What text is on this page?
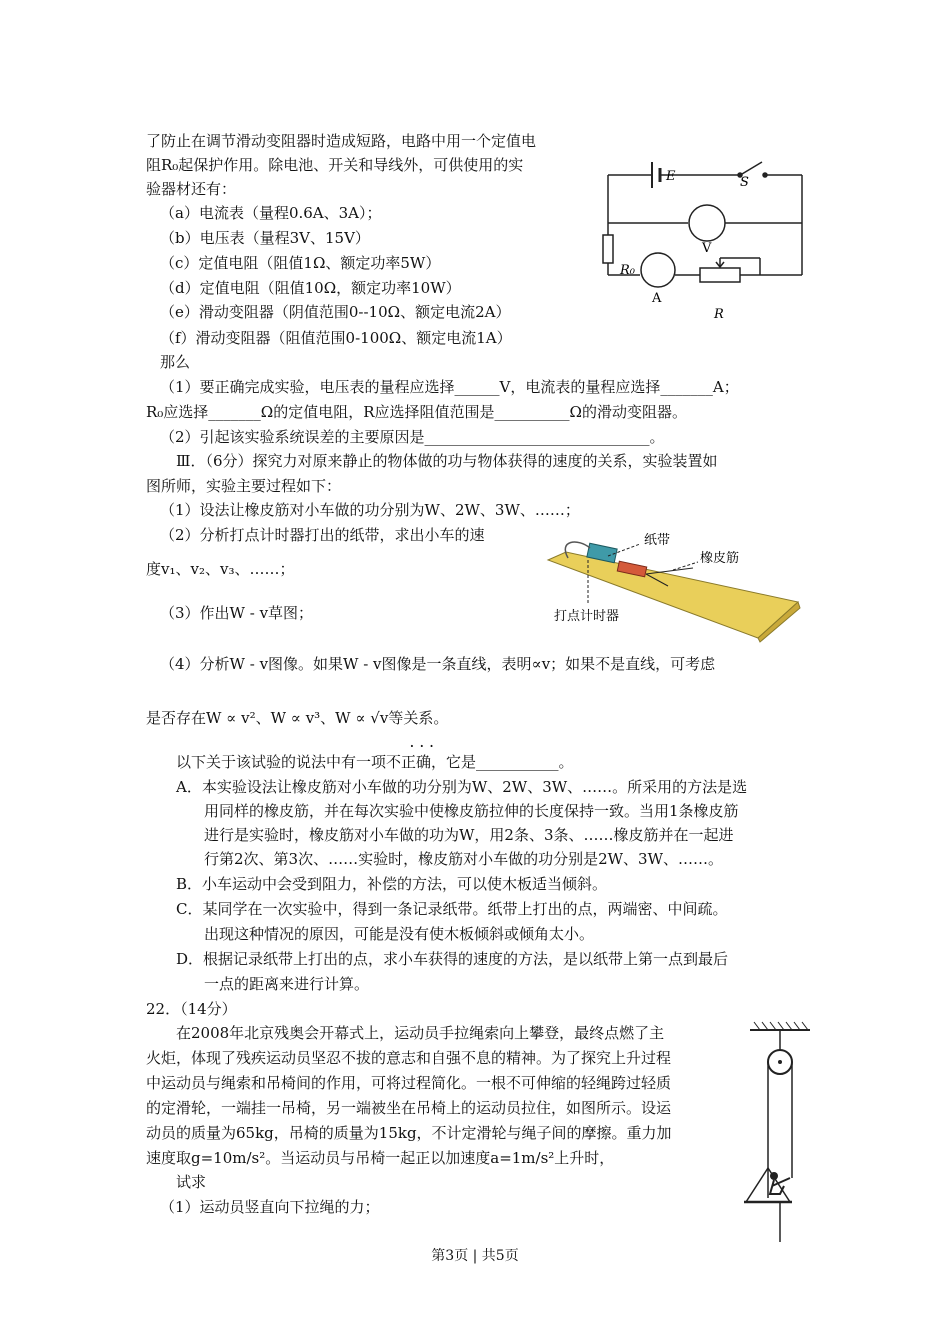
了防止在调节滑动变阻器时造成短路，电路中用一个定值电
阻R₀起保护作用。除电池、开关和导线外，可供使用的实
验器材还有：
（a）电流表（量程0.6A、3A）；
（b）电压表（量程3V、15V）
（c）定值电阻（阻值1Ω、额定功率5W）
（d）定值电阻（阻值10Ω，额定功率10W）
（e）滑动变阻器（阴值范围0--10Ω、额定电流2A）
（f）滑动变阻器（阻值范围0-100Ω、额定电流1A）
那么
（1）要正确完成实验，电压表的量程应选择______V，电流表的量程应选择_______A；
R₀应选择_______Ω的定值电阻，R应选择阻值范围是__________Ω的滑动变阻器。
（2）引起该实验系统误差的主要原因是______________________________。
E	S
V
R₀
A
R
Ⅲ．（6分）探究力对原来静止的物体做的功与物体获得的速度的关系，实验装置如
图所师，实验主要过程如下：
（1）设法让橡皮筋对小车做的功分别为W、2W、3W、……；
（2）分析打点计时器打出的纸带，求出小车的速
度v₁、v₂、v₃、……；
（3）作出W - v草图；
（4）分析W - v图像。如果W - v图像是一条直线，表明∝v；如果不是直线，可考虑
是否存在W ∝ v²、W ∝ v³、W ∝ √v等关系。
...
以下关于该试验的说法中有一项不正确，它是___________。
纸带
橡皮筋
打点计时器
A．本实验设法让橡皮筋对小车做的功分别为W、2W、3W、……。所采用的方法是选
用同样的橡皮筋，并在每次实验中使橡皮筋拉伸的长度保持一致。当用1条橡皮筋
进行是实验时，橡皮筋对小车做的功为W，用2条、3条、……橡皮筋并在一起进
行第2次、第3次、……实验时，橡皮筋对小车做的功分别是2W、3W、……。
B．小车运动中会受到阻力，补偿的方法，可以使木板适当倾斜。
C．某同学在一次实验中，得到一条记录纸带。纸带上打出的点，两端密、中间疏。
出现这种情况的原因，可能是没有使木板倾斜或倾角太小。
D．根据记录纸带上打出的点，求小车获得的速度的方法，是以纸带上第一点到最后
一点的距离来进行计算。
22．（14分）
在2008年北京残奥会开幕式上，运动员手拉绳索向上攀登，最终点燃了主
火炬，体现了残疾运动员坚忍不拔的意志和自强不息的精神。为了探究上升过程
中运动员与绳索和吊椅间的作用，可将过程简化。一根不可伸缩的轻绳跨过轻质
的定滑轮，一端挂一吊椅，另一端被坐在吊椅上的运动员拉住，如图所示。设运
动员的质量为65kg，吊椅的质量为15kg，不计定滑轮与绳子间的摩擦。重力加
速度取g=10m/s²。当运动员与吊椅一起正以加速度a=1m/s²上升时，
试求
（1）运动员竖直向下拉绳的力；
第3页 | 共5页
